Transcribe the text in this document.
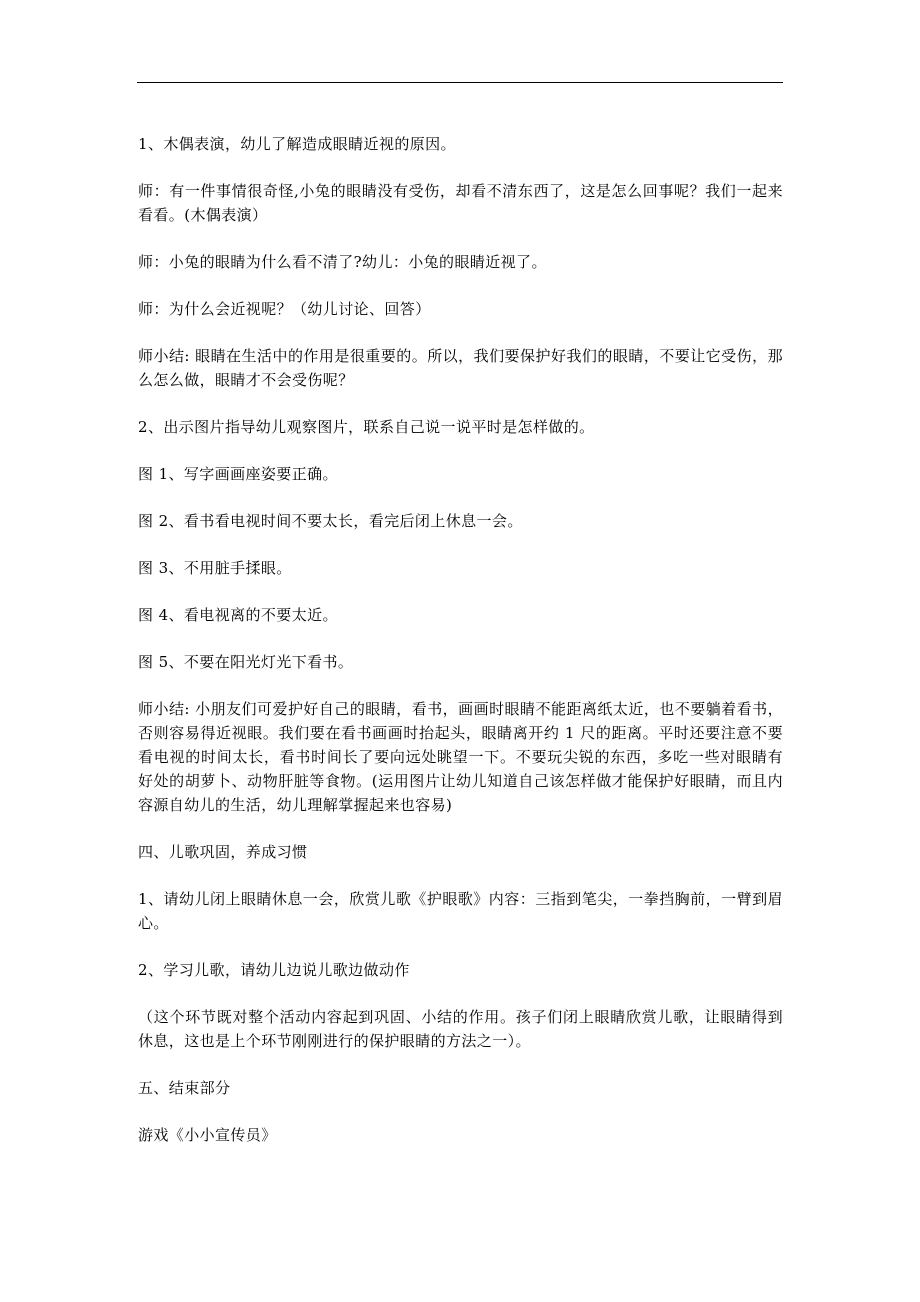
1、木偶表演，幼儿了解造成眼睛近视的原因。

师：有一件事情很奇怪,小兔的眼睛没有受伤，却看不清东西了，这是怎么回事呢？我们一起来看看。(木偶表演）

师：小兔的眼睛为什么看不清了?幼儿：小兔的眼睛近视了。

师：为什么会近视呢？（幼儿讨论、回答）

师小结: 眼睛在生活中的作用是很重要的。所以，我们要保护好我们的眼睛，不要让它受伤，那么怎么做，眼睛才不会受伤呢？

2、出示图片指导幼儿观察图片，联系自己说一说平时是怎样做的。

图 1、写字画画座姿要正确。

图 2、看书看电视时间不要太长，看完后闭上休息一会。

图 3、不用脏手揉眼。

图 4、看电视离的不要太近。

图 5、不要在阳光灯光下看书。

师小结: 小朋友们可爱护好自己的眼睛，看书，画画时眼睛不能距离纸太近，也不要躺着看书，否则容易得近视眼。我们要在看书画画时抬起头，眼睛离开约 1 尺的距离。平时还要注意不要看电视的时间太长，看书时间长了要向远处眺望一下。不要玩尖锐的东西，多吃一些对眼睛有好处的胡萝卜、动物肝脏等食物。(运用图片让幼儿知道自己该怎样做才能保护好眼睛，而且内容源自幼儿的生活，幼儿理解掌握起来也容易)

四、儿歌巩固，养成习惯

1、请幼儿闭上眼睛休息一会，欣赏儿歌《护眼歌》内容：三指到笔尖，一拳挡胸前，一臂到眉心。

2、学习儿歌，请幼儿边说儿歌边做动作

（这个环节既对整个活动内容起到巩固、小结的作用。孩子们闭上眼睛欣赏儿歌，让眼睛得到休息，这也是上个环节刚刚进行的保护眼睛的方法之一）。

五、结束部分

游戏《小小宣传员》
